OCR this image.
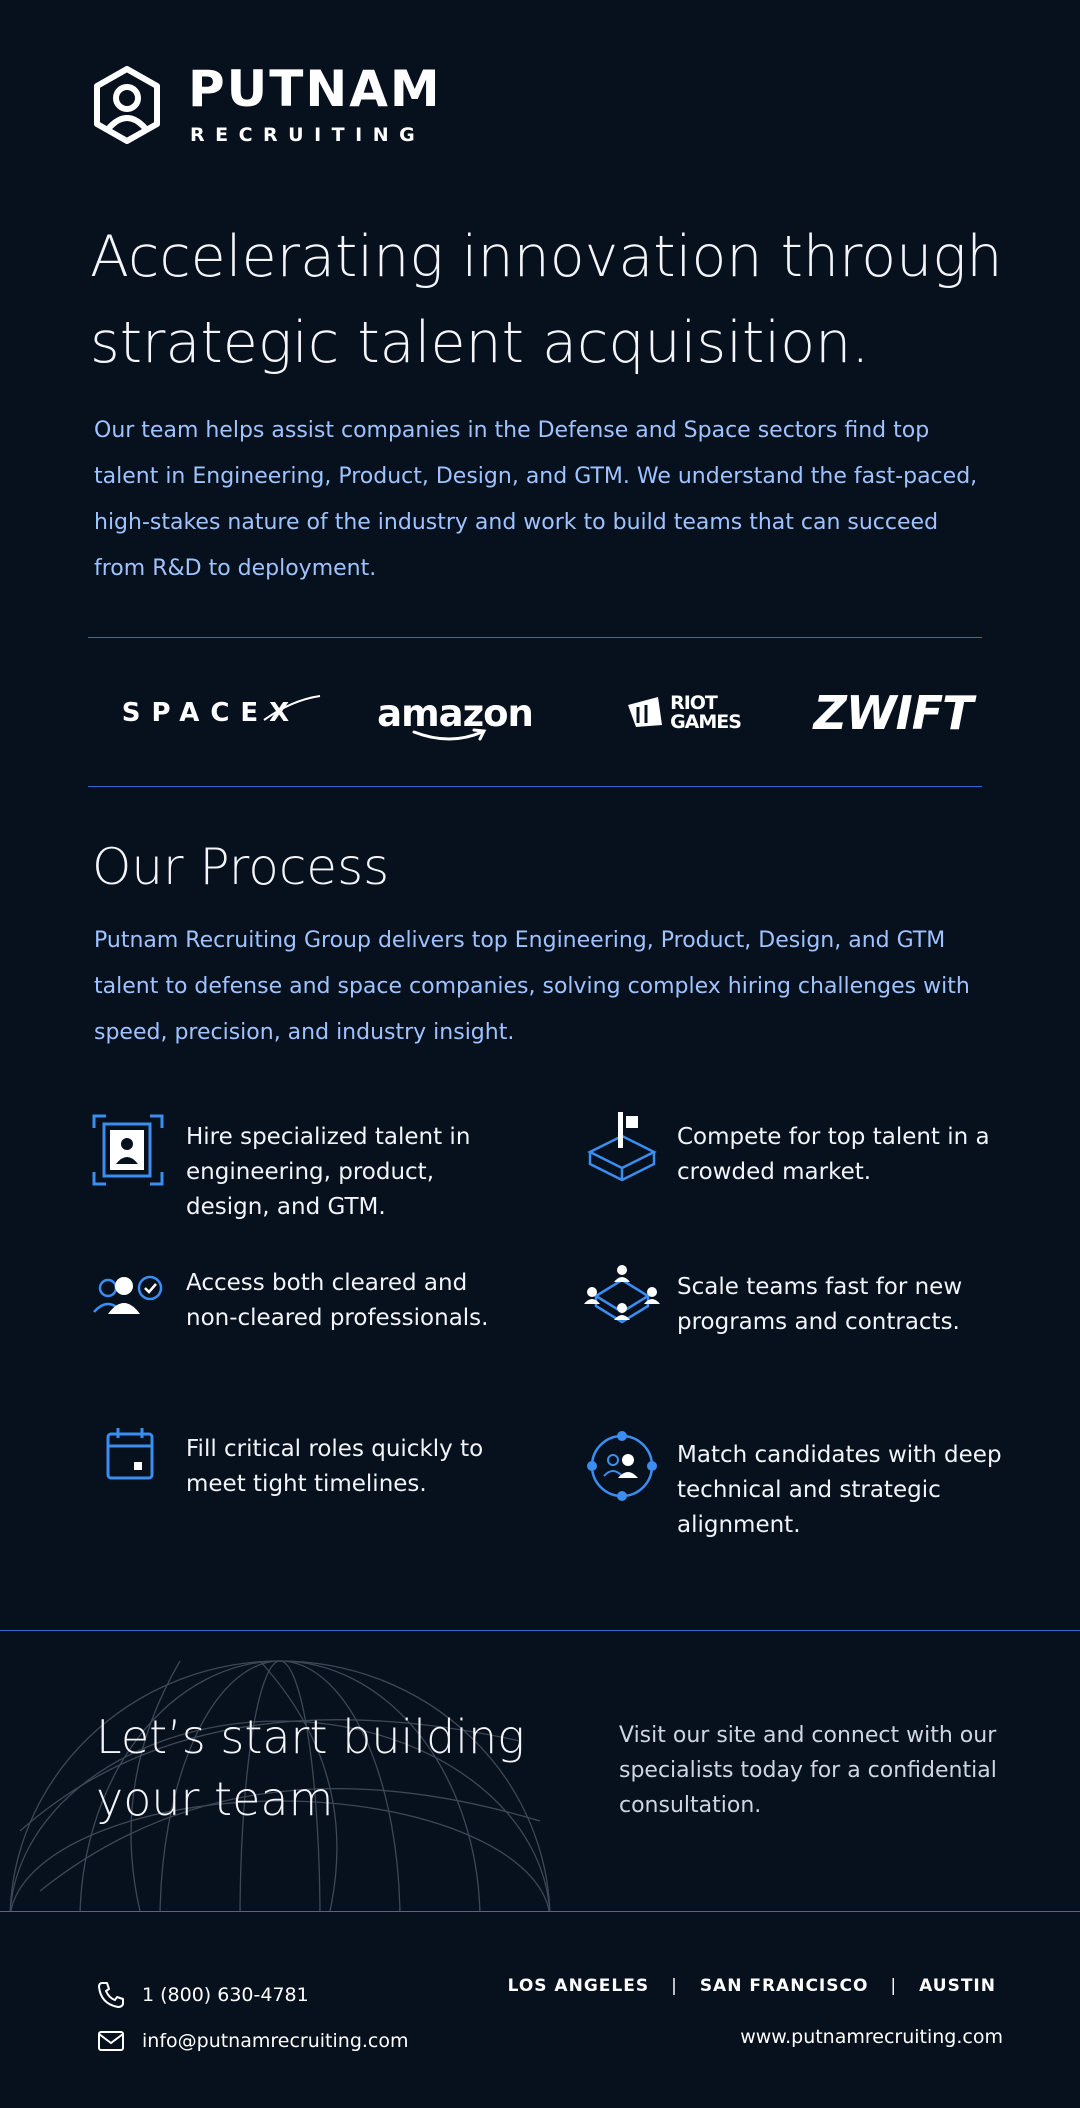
PUTNAM
RECRUITING
Accelerating innovation through
strategic talent acquisition.
Our team helps assist companies in the Defense and Space sectors find top talent in Engineering, Product, Design, and GTM. We understand the fast-paced, high-stakes nature of the industry and work to build teams that can succeed from R&D to deployment.
SPACEX amazon	RIOT
GAMES ZWIFT
Our Process
Putnam Recruiting Group delivers top Engineering, Product, Design, and GTM talent to defense and space companies, solving complex hiring challenges with speed, precision, and industry insight.
Hire specialized talent in engineering, product, design, and GTM.
Compete for top talent in a crowded market.
Access both cleared and non-cleared professionals.
Scale teams fast for new programs and contracts.
Fill critical roles quickly to meet tight timelines.
Match candidates with deep technical and strategic alignment.
Let’s start building
your team
Visit our site and connect with our specialists today for a confidential consultation.
1 (800) 630-4781
info@putnamrecruiting.com
LOS ANGELES | SAN FRANCISCO | AUSTIN
www.putnamrecruiting.com
